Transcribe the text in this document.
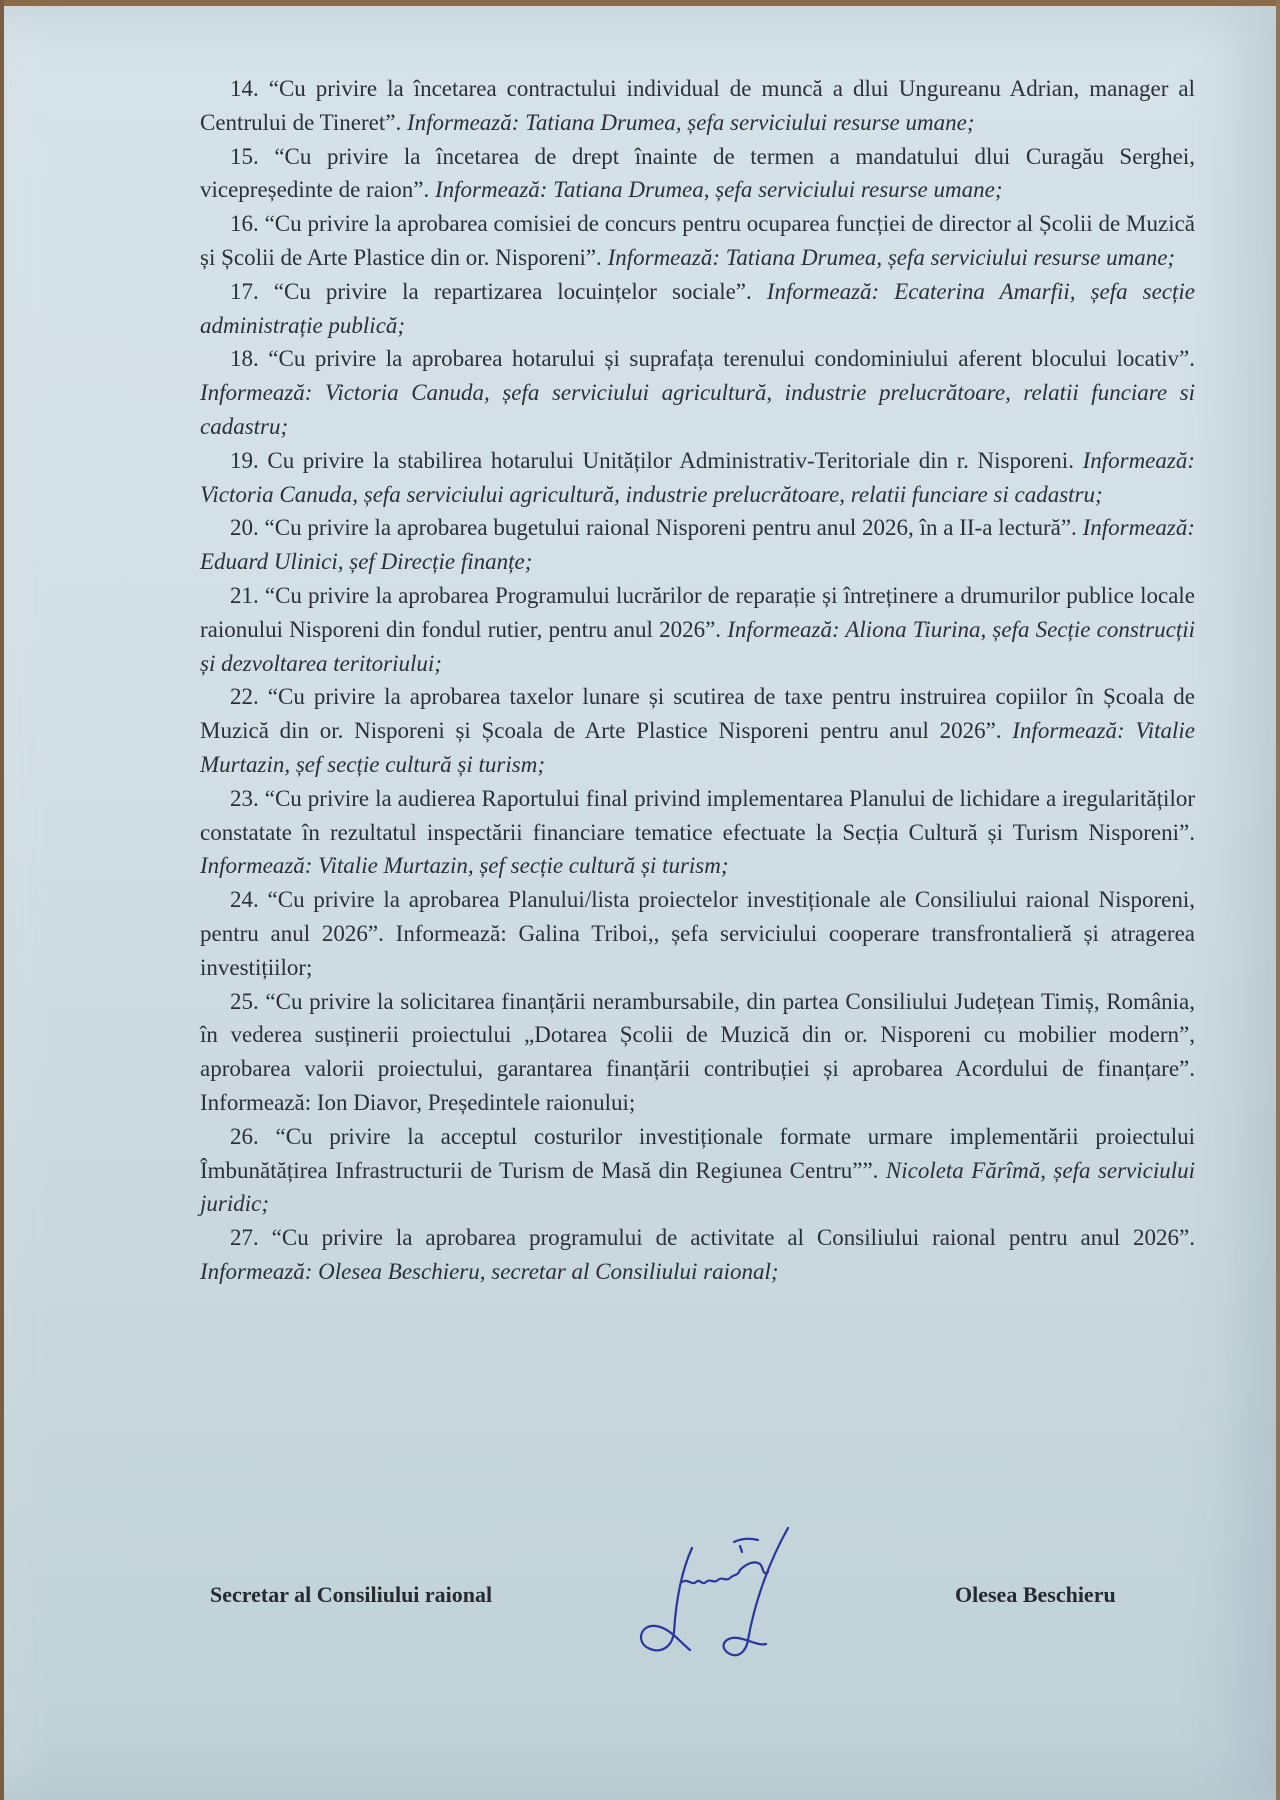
14. “Cu privire la încetarea contractului individual de muncă a dlui Ungureanu Adrian, manager al Centrului de Tineret”. Informează: Tatiana Drumea, șefa serviciului resurse umane;

15. “Cu privire la încetarea de drept înainte de termen a mandatului dlui Curagău Serghei, vicepreședinte de raion”. Informează: Tatiana Drumea, șefa serviciului resurse umane;

16. “Cu privire la aprobarea comisiei de concurs pentru ocuparea funcției de director al Școlii de Muzică și Școlii de Arte Plastice din or. Nisporeni”. Informează: Tatiana Drumea, șefa serviciului resurse umane;

17. “Cu privire la repartizarea locuințelor sociale”. Informează: Ecaterina Amarfii, șefa secție administrație publică;

18. “Cu privire la aprobarea hotarului și suprafața terenului condominiului aferent blocului locativ”. Informează: Victoria Canuda, șefa serviciului agricultură, industrie prelucrătoare, relatii funciare si cadastru;

19. Cu privire la stabilirea hotarului Unităților Administrativ-Teritoriale din r. Nisporeni. Informează: Victoria Canuda, șefa serviciului agricultură, industrie prelucrătoare, relatii funciare si cadastru;

20. “Cu privire la aprobarea bugetului raional Nisporeni pentru anul 2026, în a II-a lectură”. Informează: Eduard Ulinici, șef Direcție finanțe;

21. “Cu privire la aprobarea Programului lucrărilor de reparație și întreținere a drumurilor publice locale raionului Nisporeni din fondul rutier, pentru anul 2026”. Informează: Aliona Tiurina, șefa Secție construcții și dezvoltarea teritoriului;

22. “Cu privire la aprobarea taxelor lunare și scutirea de taxe pentru instruirea copiilor în Școala de Muzică din or. Nisporeni și Școala de Arte Plastice Nisporeni pentru anul 2026”. Informează: Vitalie Murtazin, șef secție cultură și turism;

23. “Cu privire la audierea Raportului final privind implementarea Planului de lichidare a iregularităților constatate în rezultatul inspectării financiare tematice efectuate la Secția Cultură și Turism Nisporeni”. Informează: Vitalie Murtazin, șef secție cultură și turism;

24. “Cu privire la aprobarea Planului/lista proiectelor investiționale ale Consiliului raional Nisporeni, pentru anul 2026”. Informează: Galina Triboi,, șefa serviciului cooperare transfrontalieră și atragerea investițiilor;

25. “Cu privire la solicitarea finanțării nerambursabile, din partea Consiliului Județean Timiș, România, în vederea susținerii proiectului „Dotarea Școlii de Muzică din or. Nisporeni cu mobilier modern”, aprobarea valorii proiectului, garantarea finanțării contribuției și aprobarea Acordului de finanțare”. Informează: Ion Diavor, Președintele raionului;

26. “Cu privire la acceptul costurilor investiționale formate urmare implementării proiectului Îmbunătățirea Infrastructurii de Turism de Masă din Regiunea Centru””. Nicoleta Fărîmă, șefa serviciului juridic;

27. “Cu privire la aprobarea programului de activitate al Consiliului raional pentru anul 2026”. Informează: Olesea Beschieru, secretar al Consiliului raional;

Secretar al Consiliului raional	Olesea Beschieru
